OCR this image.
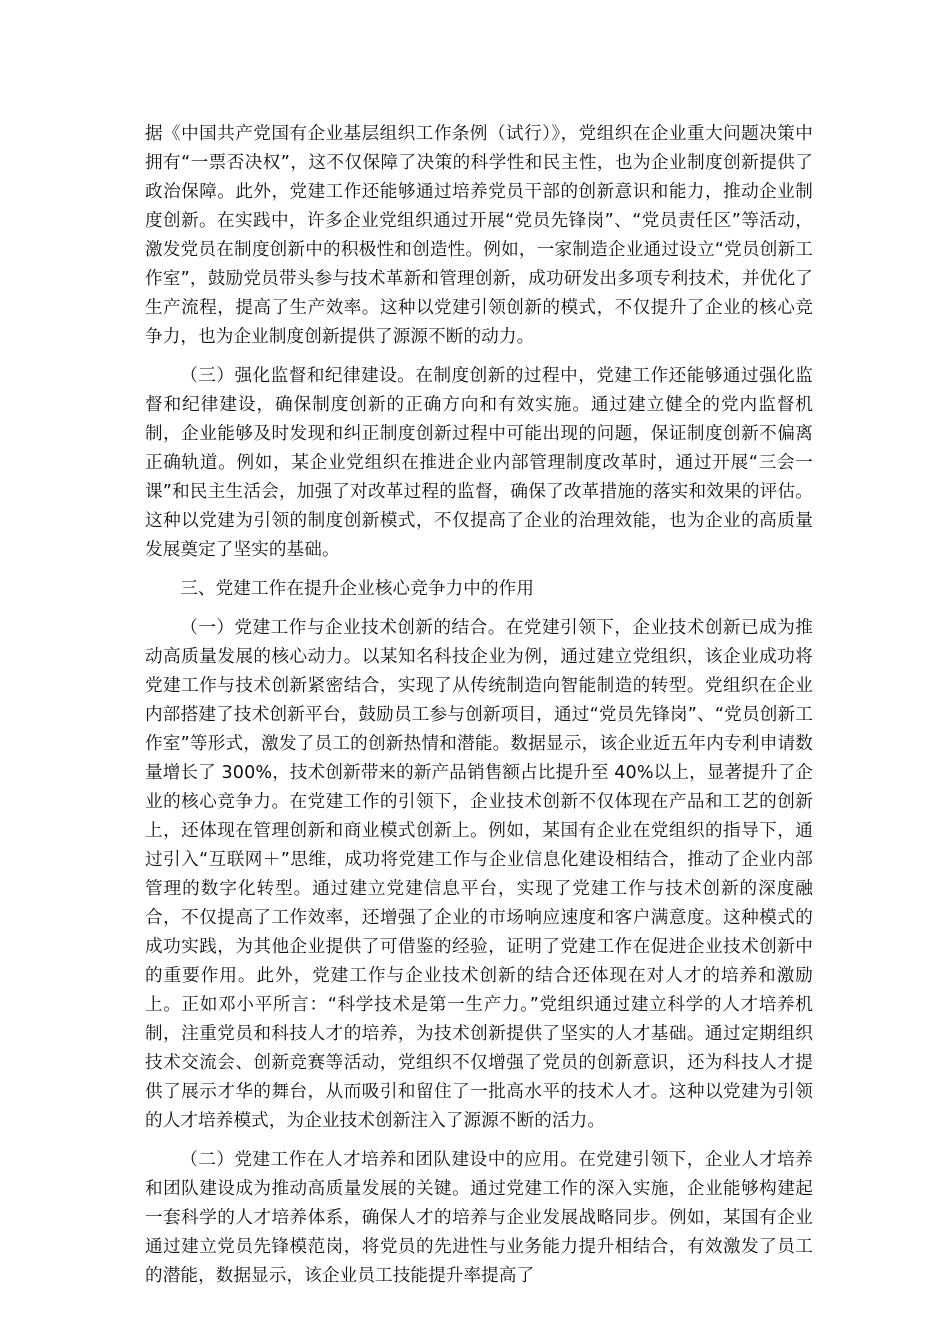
据《中国共产党国有企业基层组织工作条例（试行）》，党组织在企业重大问题决策中拥有“一票否决权”，这不仅保障了决策的科学性和民主性，也为企业制度创新提供了政治保障。此外，党建工作还能够通过培养党员干部的创新意识和能力，推动企业制度创新。在实践中，许多企业党组织通过开展“党员先锋岗”、“党员责任区”等活动，激发党员在制度创新中的积极性和创造性。例如，一家制造企业通过设立“党员创新工作室”，鼓励党员带头参与技术革新和管理创新，成功研发出多项专利技术，并优化了生产流程，提高了生产效率。这种以党建引领创新的模式，不仅提升了企业的核心竞争力，也为企业制度创新提供了源源不断的动力。

（三）强化监督和纪律建设。在制度创新的过程中，党建工作还能够通过强化监督和纪律建设，确保制度创新的正确方向和有效实施。通过建立健全的党内监督机制，企业能够及时发现和纠正制度创新过程中可能出现的问题，保证制度创新不偏离正确轨道。例如，某企业党组织在推进企业内部管理制度改革时，通过开展“三会一课”和民主生活会，加强了对改革过程的监督，确保了改革措施的落实和效果的评估。这种以党建为引领的制度创新模式，不仅提高了企业的治理效能，也为企业的高质量发展奠定了坚实的基础。

三、党建工作在提升企业核心竞争力中的作用

（一）党建工作与企业技术创新的结合。在党建引领下，企业技术创新已成为推动高质量发展的核心动力。以某知名科技企业为例，通过建立党组织，该企业成功将党建工作与技术创新紧密结合，实现了从传统制造向智能制造的转型。党组织在企业内部搭建了技术创新平台，鼓励员工参与创新项目，通过“党员先锋岗”、“党员创新工作室”等形式，激发了员工的创新热情和潜能。数据显示，该企业近五年内专利申请数量增长了 300%，技术创新带来的新产品销售额占比提升至 40%以上，显著提升了企业的核心竞争力。在党建工作的引领下，企业技术创新不仅体现在产品和工艺的创新上，还体现在管理创新和商业模式创新上。例如，某国有企业在党组织的指导下，通过引入“互联网＋”思维，成功将党建工作与企业信息化建设相结合，推动了企业内部管理的数字化转型。通过建立党建信息平台，实现了党建工作与技术创新的深度融合，不仅提高了工作效率，还增强了企业的市场响应速度和客户满意度。这种模式的成功实践，为其他企业提供了可借鉴的经验，证明了党建工作在促进企业技术创新中的重要作用。此外，党建工作与企业技术创新的结合还体现在对人才的培养和激励上。正如邓小平所言：“科学技术是第一生产力。”党组织通过建立科学的人才培养机制，注重党员和科技人才的培养，为技术创新提供了坚实的人才基础。通过定期组织技术交流会、创新竞赛等活动，党组织不仅增强了党员的创新意识，还为科技人才提供了展示才华的舞台，从而吸引和留住了一批高水平的技术人才。这种以党建为引领的人才培养模式，为企业技术创新注入了源源不断的活力。

（二）党建工作在人才培养和团队建设中的应用。在党建引领下，企业人才培养和团队建设成为推动高质量发展的关键。通过党建工作的深入实施，企业能够构建起一套科学的人才培养体系，确保人才的培养与企业发展战略同步。例如，某国有企业通过建立党员先锋模范岗，将党员的先进性与业务能力提升相结合，有效激发了员工的潜能，数据显示，该企业员工技能提升率提高了
